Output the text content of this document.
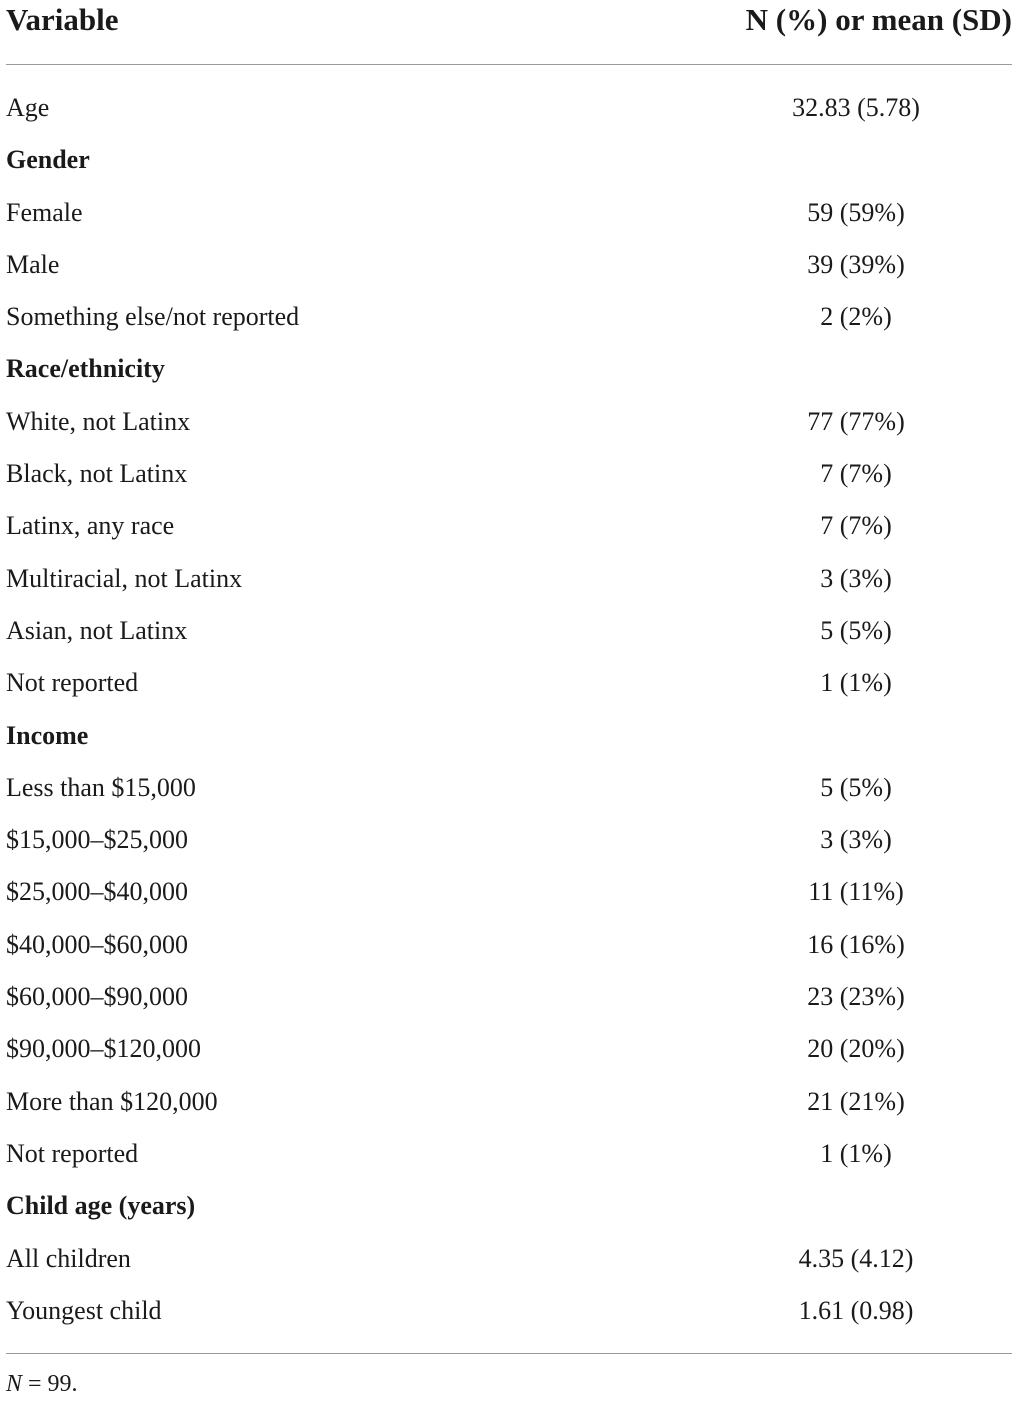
Variable	N (%) or mean (SD)
Age	32.83 (5.78)
Gender
Female	59 (59%)
Male	39 (39%)
Something else/not reported	2 (2%)
Race/ethnicity
White, not Latinx	77 (77%)
Black, not Latinx	7 (7%)
Latinx, any race	7 (7%)
Multiracial, not Latinx	3 (3%)
Asian, not Latinx	5 (5%)
Not reported	1 (1%)
Income
Less than $15,000	5 (5%)
$15,000–$25,000	3 (3%)
$25,000–$40,000	11 (11%)
$40,000–$60,000	16 (16%)
$60,000–$90,000	23 (23%)
$90,000–$120,000	20 (20%)
More than $120,000	21 (21%)
Not reported	1 (1%)
Child age (years)
All children	4.35 (4.12)
Youngest child	1.61 (0.98)
N = 99.
